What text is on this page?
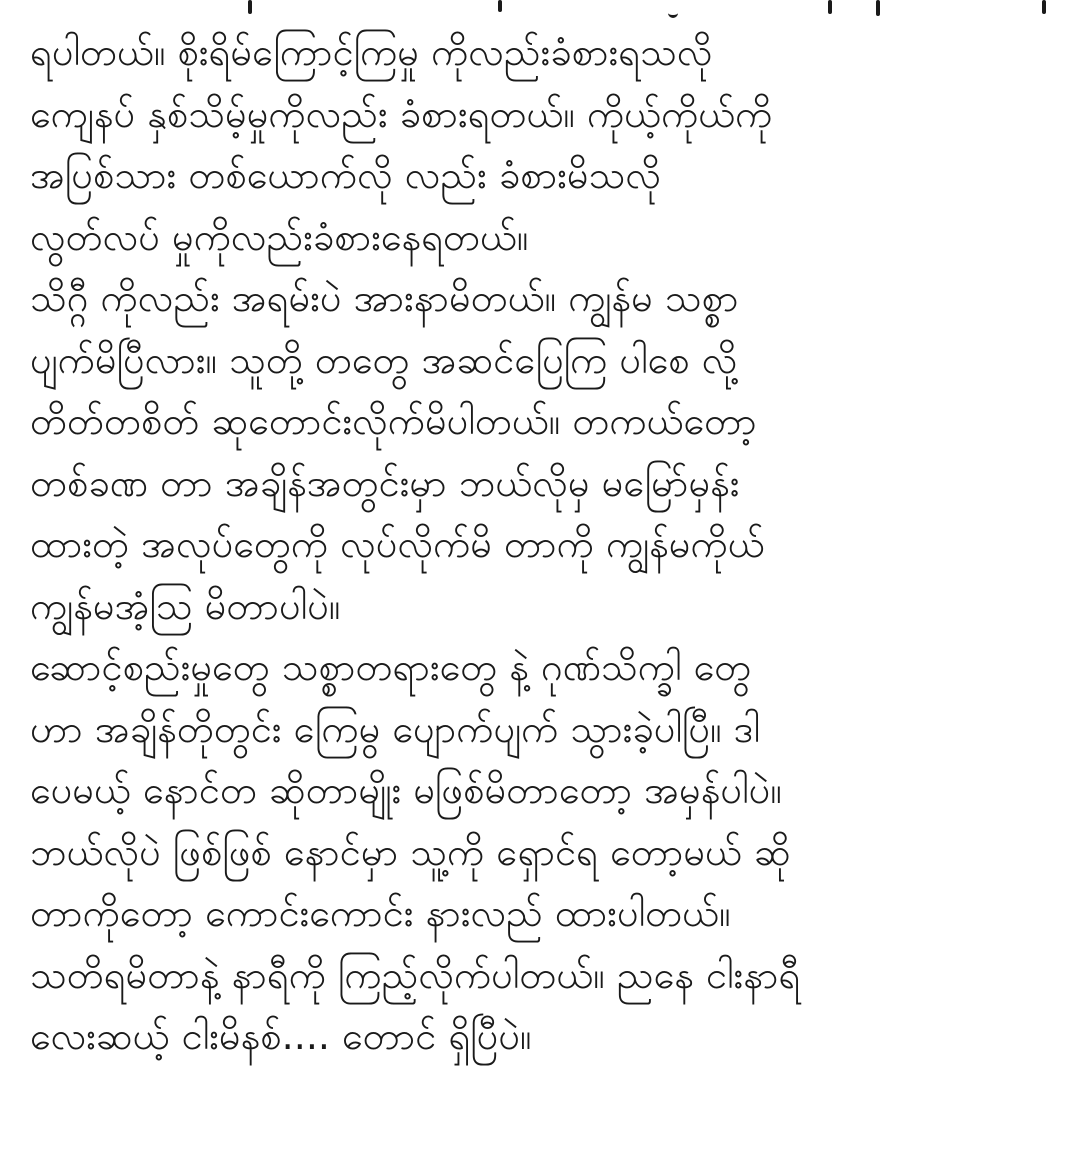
ရပါတယ်။ စိုးရိမ်ကြောင့်ကြမှု ကိုလည်းခံစားရသလို
ကျေနပ် နှစ်သိမ့်မှုကိုလည်း ခံစားရတယ်။ ကိုယ့်ကိုယ်ကို
အပြစ်သား တစ်ယောက်လို လည်း ခံစားမိသလို
လွတ်လပ် မှုကိုလည်းခံစားနေရတယ်။
သိဂ္ဂီ ကိုလည်း အရမ်းပဲ အားနာမိတယ်။ ကျွန်မ သစ္စာ
ပျက်မိပြီလား။ သူတို့ တတွေ အဆင်ပြေကြ ပါစေ လို့
တိတ်တစိတ် ဆုတောင်းလိုက်မိပါတယ်။ တကယ်တော့
တစ်ခဏ တာ အချိန်အတွင်းမှာ ဘယ်လိုမှ မမြော်မှန်း
ထားတဲ့ အလုပ်တွေကို လုပ်လိုက်မိ တာကို ကျွန်မကိုယ်
ကျွန်မအံ့ဩ မိတာပါပဲ။
ဆောင့်စည်းမှုတွေ သစ္စာတရားတွေ နဲ့ ဂုဏ်သိက္ခါ တွေ
ဟာ အချိန်တိုတွင်း ကြေမွ ပျောက်ပျက် သွားခဲ့ပါပြီ။ ဒါ
ပေမယ့် နောင်တ ဆိုတာမျိုး မဖြစ်မိတာတော့ အမှန်ပါပဲ။
ဘယ်လိုပဲ ဖြစ်ဖြစ် နောင်မှာ သူ့ကို ရှောင်ရ တော့မယ် ဆို
တာကိုတော့ ကောင်းကောင်း နားလည် ထားပါတယ်။
သတိရမိတာနဲ့ နာရီကို ကြည့်လိုက်ပါတယ်။ ညနေ ငါးနာရီ
လေးဆယ့် ငါးမိနစ်.... တောင် ရှိပြီပဲ။
